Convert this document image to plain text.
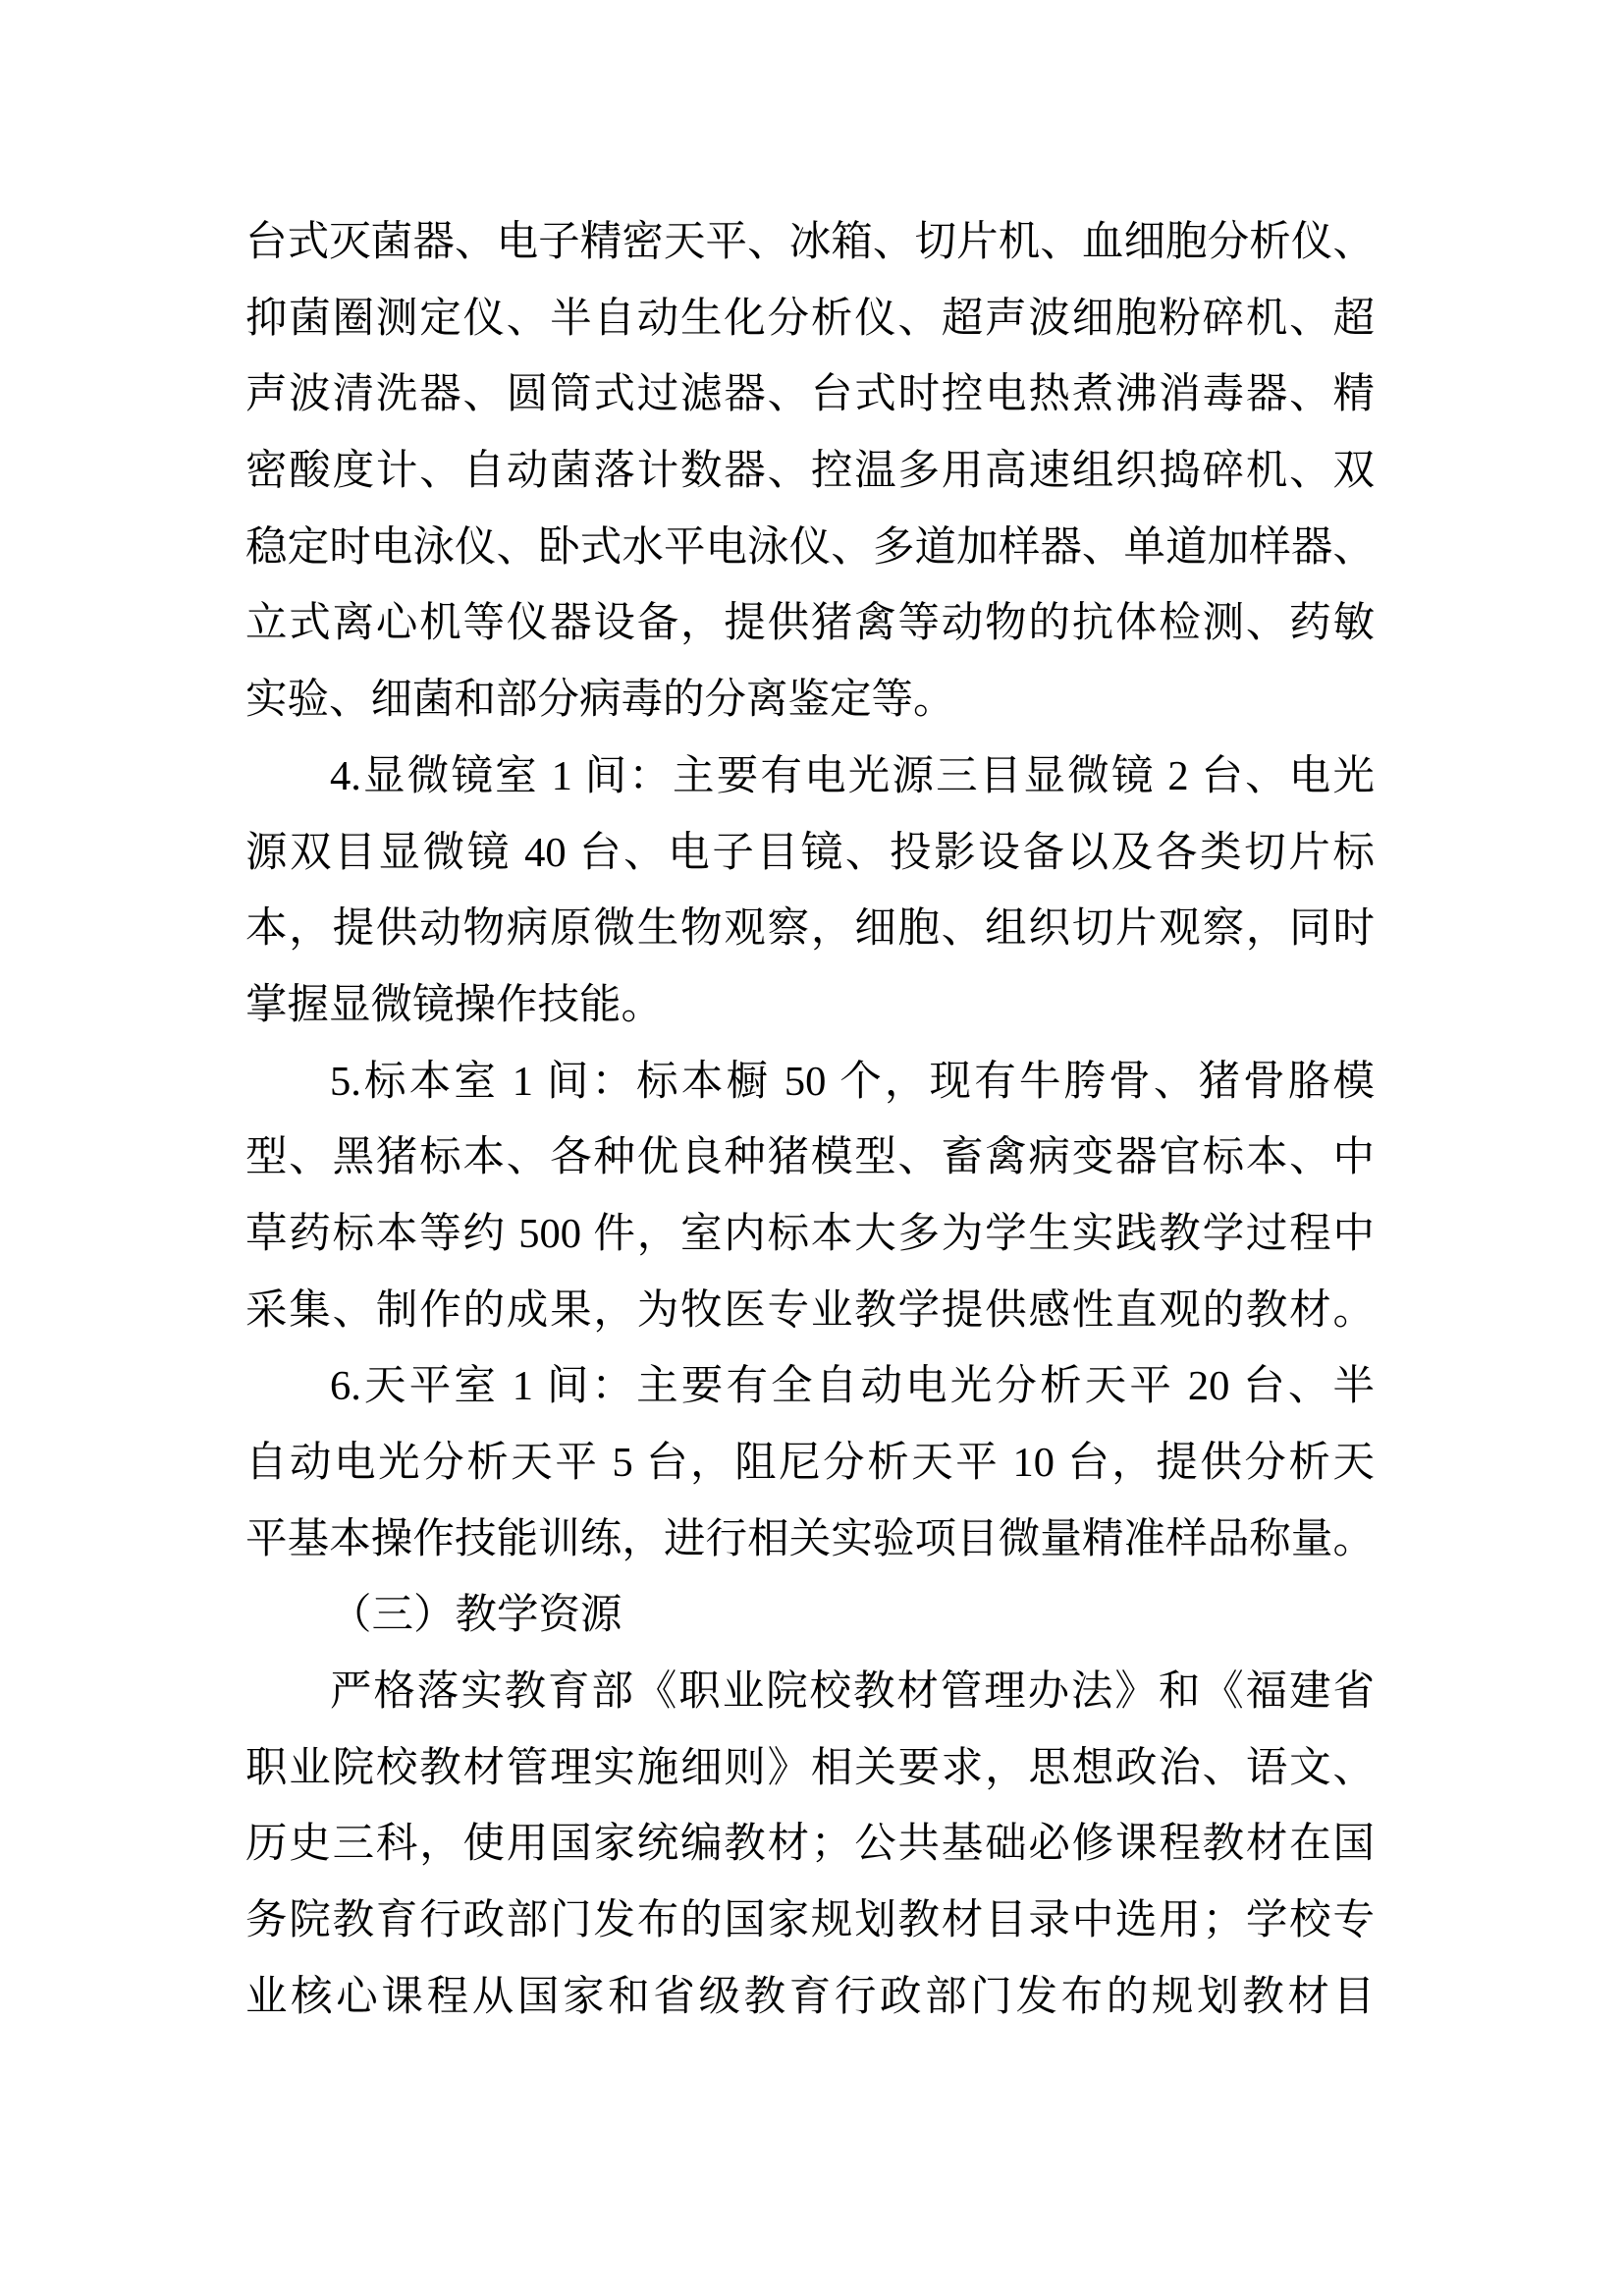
台式灭菌器、电子精密天平、冰箱、切片机、血细胞分析仪、
抑菌圈测定仪、半自动生化分析仪、超声波细胞粉碎机、超
声波清洗器、圆筒式过滤器、台式时控电热煮沸消毒器、精
密酸度计、自动菌落计数器、控温多用高速组织捣碎机、双
稳定时电泳仪、卧式水平电泳仪、多道加样器、单道加样器、
立式离心机等仪器设备，提供猪禽等动物的抗体检测、药敏
实验、细菌和部分病毒的分离鉴定等。
4.显微镜室 1 间：主要有电光源三目显微镜 2 台、电光
源双目显微镜 40 台、电子目镜、投影设备以及各类切片标
本，提供动物病原微生物观察，细胞、组织切片观察，同时
掌握显微镜操作技能。
5.标本室 1 间：标本橱 50 个，现有牛胯骨、猪骨胳模
型、黑猪标本、各种优良种猪模型、畜禽病变器官标本、中
草药标本等约 500 件，室内标本大多为学生实践教学过程中
采集、制作的成果，为牧医专业教学提供感性直观的教材。
6.天平室 1 间：主要有全自动电光分析天平 20 台、半
自动电光分析天平 5 台，阻尼分析天平 10 台，提供分析天
平基本操作技能训练，进行相关实验项目微量精准样品称量。
（三）教学资源
严格落实教育部《职业院校教材管理办法》和《福建省
职业院校教材管理实施细则》相关要求，思想政治、语文、
历史三科，使用国家统编教材；公共基础必修课程教材在国
务院教育行政部门发布的国家规划教材目录中选用；学校专
业核心课程从国家和省级教育行政部门发布的规划教材目
